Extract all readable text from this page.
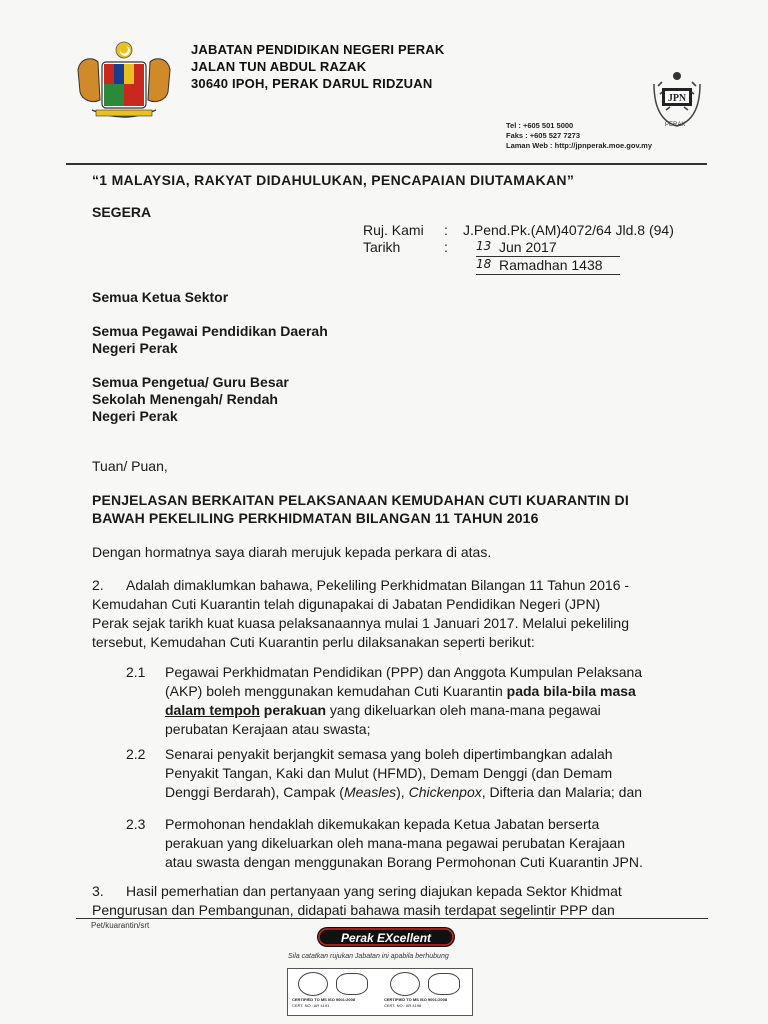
JABATAN PENDIDIKAN NEGERI PERAK
JALAN TUN ABDUL RAZAK
30640 IPOH, PERAK DARUL RIDZUAN
JPN
PERAK
Tel : +605 501 5000
Faks : +605 527 7273
Laman Web : http://jpnperak.moe.gov.my
“1 MALAYSIA, RAKYAT DIDAHULUKAN, PENCAPAIAN DIUTAMAKAN”
SEGERA
Ruj. Kami : J.Pend.Pk.(AM)4072/64 Jld.8 (94)
Tarikh	: 13 Jun 2017
18 Ramadhan 1438
Semua Ketua Sektor
Semua Pegawai Pendidikan Daerah
Negeri Perak
Semua Pengetua/ Guru Besar
Sekolah Menengah/ Rendah
Negeri Perak
Tuan/ Puan,
PENJELASAN BERKAITAN PELAKSANAAN KEMUDAHAN CUTI KUARANTIN DI
BAWAH PEKELILING PERKHIDMATAN BILANGAN 11 TAHUN 2016
Dengan hormatnya saya diarah merujuk kepada perkara di atas.
2. Adalah dimaklumkan bahawa, Pekeliling Perkhidmatan Bilangan 11 Tahun 2016 -
Kemudahan Cuti Kuarantin telah digunapakai di Jabatan Pendidikan Negeri (JPN)
Perak sejak tarikh kuat kuasa pelaksanaannya mulai 1 Januari 2017. Melalui pekeliling
tersebut, Kemudahan Cuti Kuarantin perlu dilaksanakan seperti berikut:
2.1 Pegawai Perkhidmatan Pendidikan (PPP) dan Anggota Kumpulan Pelaksana
(AKP) boleh menggunakan kemudahan Cuti Kuarantin pada bila-bila masa
dalam tempoh perakuan yang dikeluarkan oleh mana-mana pegawai
perubatan Kerajaan atau swasta;
2.2 Senarai penyakit berjangkit semasa yang boleh dipertimbangkan adalah
Penyakit Tangan, Kaki dan Mulut (HFMD), Demam Denggi (dan Demam
Denggi Berdarah), Campak (Measles), Chickenpox, Difteria dan Malaria; dan
2.3 Permohonan hendaklah dikemukakan kepada Ketua Jabatan berserta
perakuan yang dikeluarkan oleh mana-mana pegawai perubatan Kerajaan
atau swasta dengan menggunakan Borang Permohonan Cuti Kuarantin JPN.
3. Hasil pemerhatian dan pertanyaan yang sering diajukan kepada Sektor Khidmat
Pengurusan dan Pembangunan, didapati bahawa masih terdapat segelintir PPP dan
Pet/kuarantin/srt
Perak EXcellent
Sila catatkan rujukan Jabatan ini apabila berhubung
CERTIFIED TO MS ISO 9001:2008
CERT. NO.: AR 4191
CERTIFIED TO MS ISO 9001:2008
CERT. NO.: AR 4196
